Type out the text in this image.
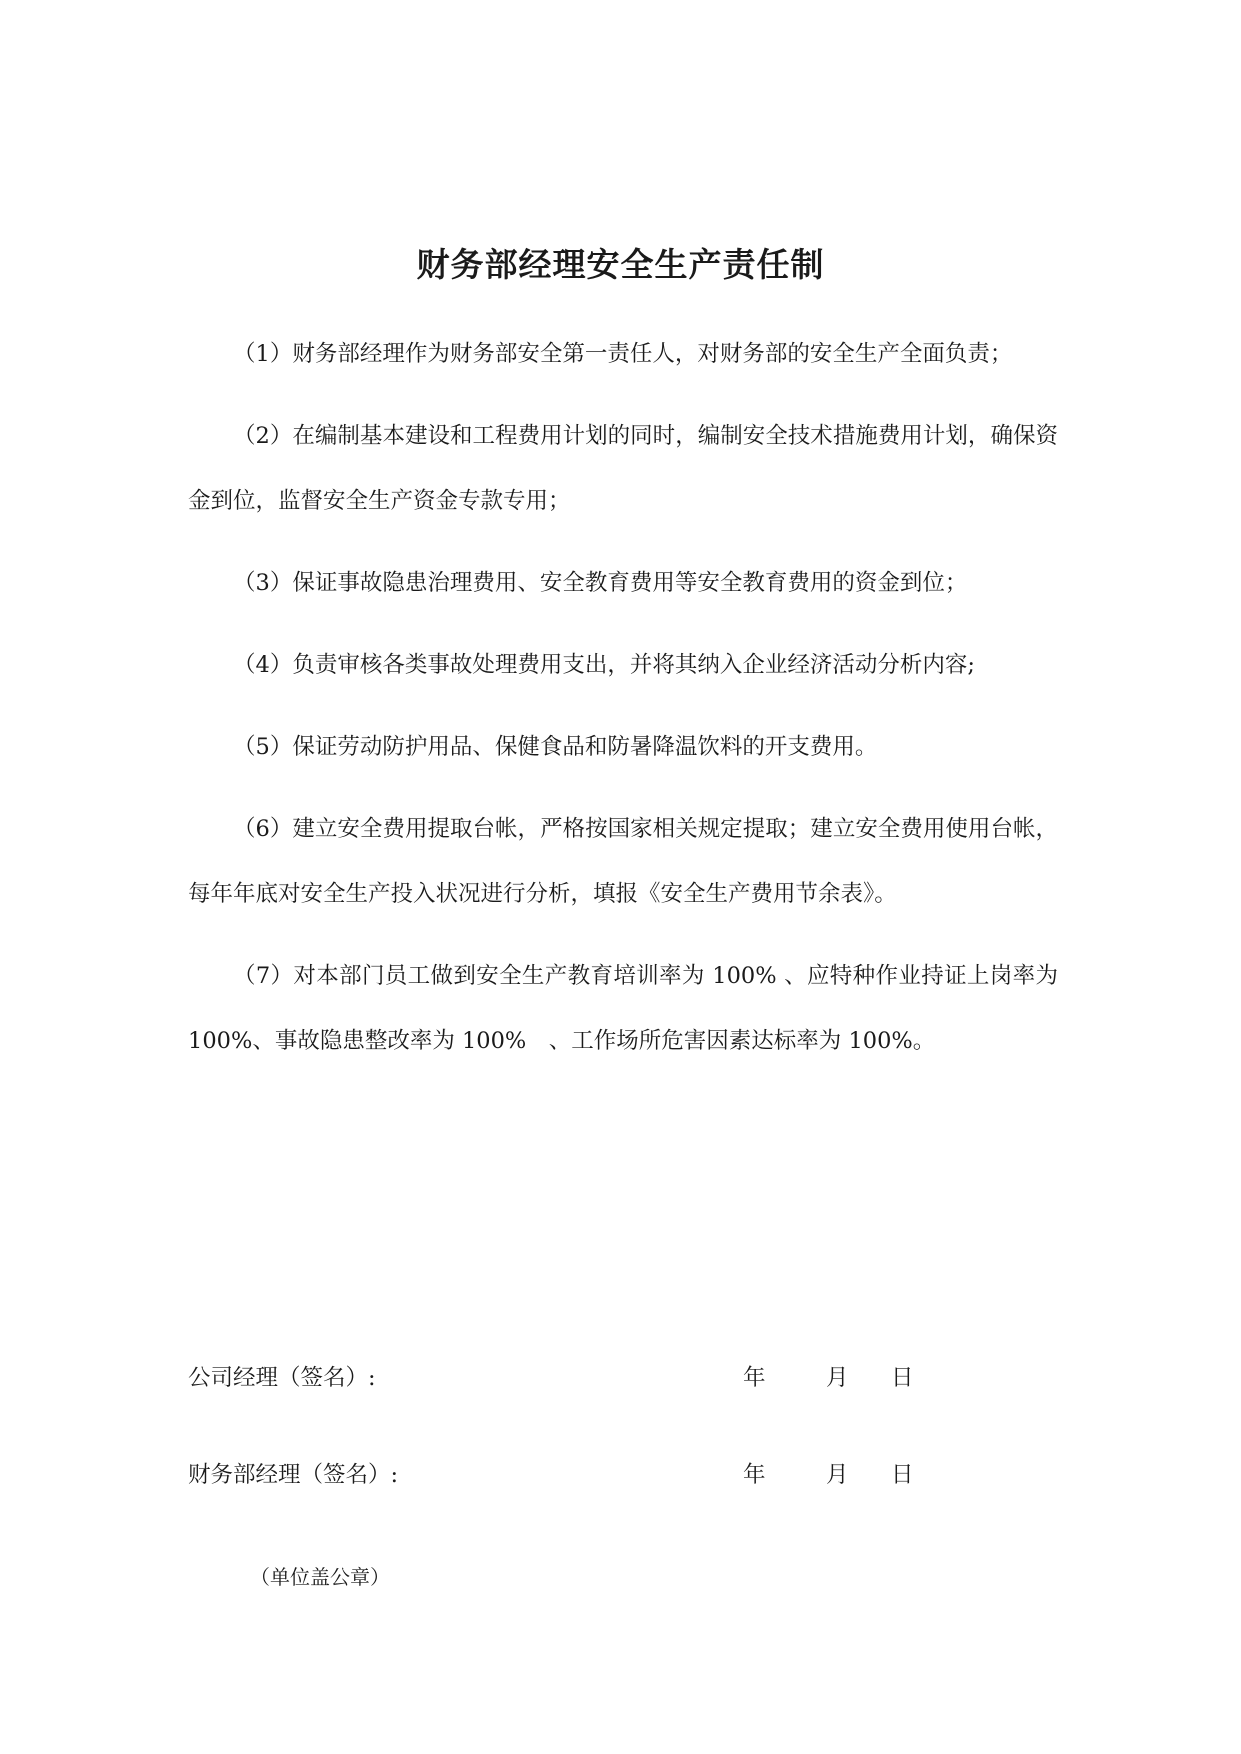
财务部经理安全生产责任制

（1）财务部经理作为财务部安全第一责任人，对财务部的安全生产全面负责；

（2）在编制基本建设和工程费用计划的同时，编制安全技术措施费用计划，确保资金到位，监督安全生产资金专款专用；

（3）保证事故隐患治理费用、安全教育费用等安全教育费用的资金到位；

（4）负责审核各类事故处理费用支出，并将其纳入企业经济活动分析内容;

（5）保证劳动防护用品、保健食品和防暑降温饮料的开支费用。

（6）建立安全费用提取台帐，严格按国家相关规定提取；建立安全费用使用台帐，每年年底对安全生产投入状况进行分析，填报《安全生产费用节余表》。

（7）对本部门员工做到安全生产教育培训率为 100% 、应特种作业持证上岗率为 100%、事故隐患整改率为 100%　、工作场所危害因素达标率为 100%。

公司经理（签名）:	年	月 日
财务部经理（签名）:	年	月 日
（单位盖公章）
